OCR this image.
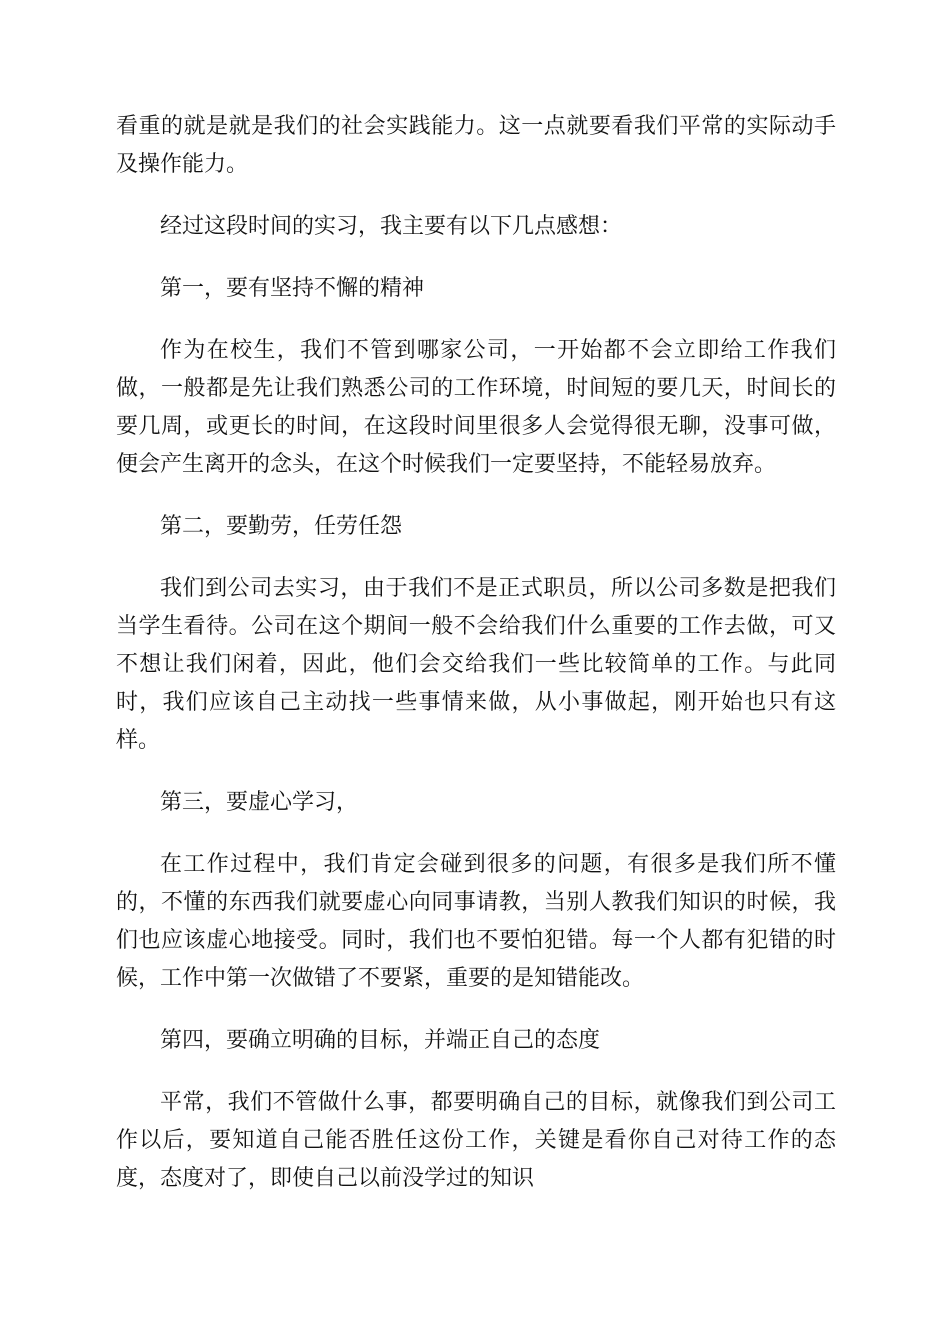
看重的就是就是我们的社会实践能力。这一点就要看我们平常的实际动手及操作能力。

经过这段时间的实习，我主要有以下几点感想：

第一，要有坚持不懈的精神

作为在校生，我们不管到哪家公司，一开始都不会立即给工作我们做，一般都是先让我们熟悉公司的工作环境，时间短的要几天，时间长的要几周，或更长的时间，在这段时间里很多人会觉得很无聊，没事可做，便会产生离开的念头，在这个时候我们一定要坚持，不能轻易放弃。

第二，要勤劳，任劳任怨

我们到公司去实习，由于我们不是正式职员，所以公司多数是把我们当学生看待。公司在这个期间一般不会给我们什么重要的工作去做，可又不想让我们闲着，因此，他们会交给我们一些比较简单的工作。与此同时，我们应该自己主动找一些事情来做，从小事做起，刚开始也只有这样。

第三，要虚心学习，

在工作过程中，我们肯定会碰到很多的问题，有很多是我们所不懂的，不懂的东西我们就要虚心向同事请教，当别人教我们知识的时候，我们也应该虚心地接受。同时，我们也不要怕犯错。每一个人都有犯错的时候，工作中第一次做错了不要紧，重要的是知错能改。

第四，要确立明确的目标，并端正自己的态度

平常，我们不管做什么事，都要明确自己的目标，就像我们到公司工作以后，要知道自己能否胜任这份工作，关键是看你自己对待工作的态度，态度对了，即使自己以前没学过的知识
